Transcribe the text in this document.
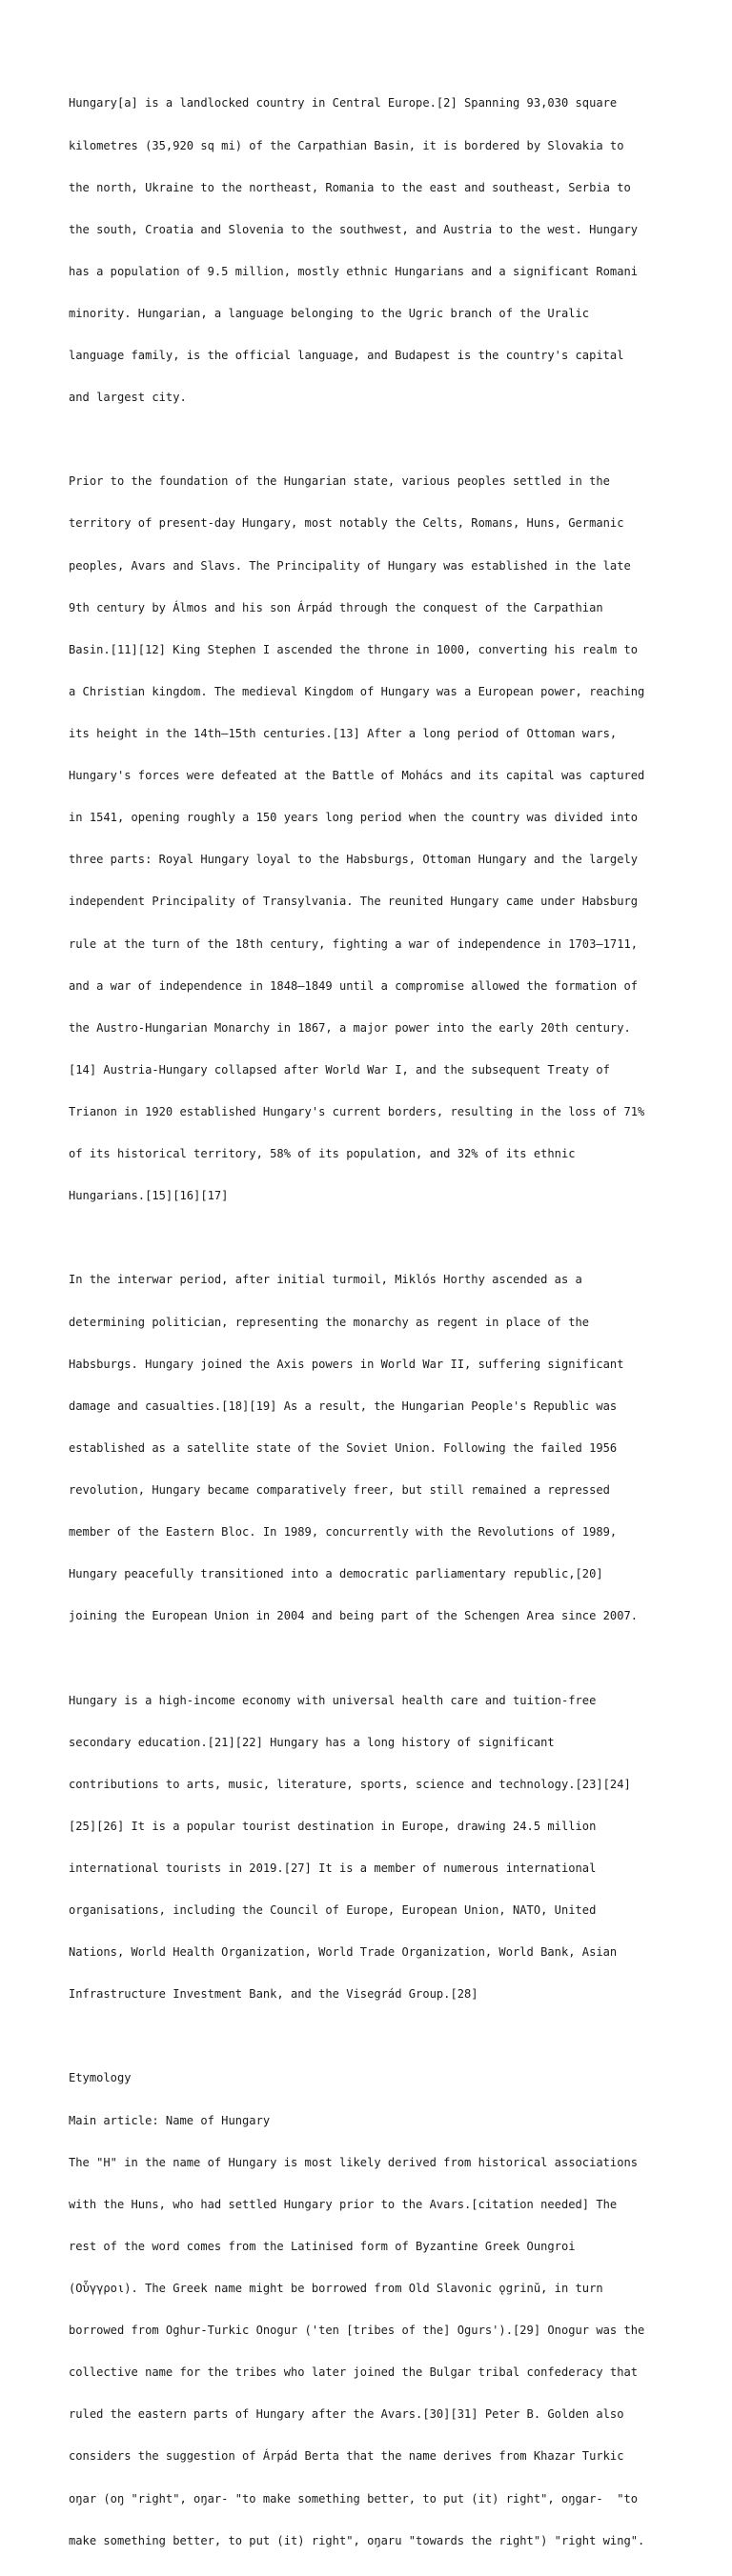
Hungary[a] is a landlocked country in Central Europe.[2] Spanning 93,030 square

kilometres (35,920 sq mi) of the Carpathian Basin, it is bordered by Slovakia to

the north, Ukraine to the northeast, Romania to the east and southeast, Serbia to

the south, Croatia and Slovenia to the southwest, and Austria to the west. Hungary

has a population of 9.5 million, mostly ethnic Hungarians and a significant Romani

minority. Hungarian, a language belonging to the Ugric branch of the Uralic

language family, is the official language, and Budapest is the country's capital

and largest city.

Prior to the foundation of the Hungarian state, various peoples settled in the

territory of present-day Hungary, most notably the Celts, Romans, Huns, Germanic

peoples, Avars and Slavs. The Principality of Hungary was established in the late

9th century by Álmos and his son Árpád through the conquest of the Carpathian

Basin.[11][12] King Stephen I ascended the throne in 1000, converting his realm to

a Christian kingdom. The medieval Kingdom of Hungary was a European power, reaching

its height in the 14th–15th centuries.[13] After a long period of Ottoman wars,

Hungary's forces were defeated at the Battle of Mohács and its capital was captured

in 1541, opening roughly a 150 years long period when the country was divided into

three parts: Royal Hungary loyal to the Habsburgs, Ottoman Hungary and the largely

independent Principality of Transylvania. The reunited Hungary came under Habsburg

rule at the turn of the 18th century, fighting a war of independence in 1703–1711,

and a war of independence in 1848–1849 until a compromise allowed the formation of

the Austro-Hungarian Monarchy in 1867, a major power into the early 20th century.

[14] Austria-Hungary collapsed after World War I, and the subsequent Treaty of

Trianon in 1920 established Hungary's current borders, resulting in the loss of 71%

of its historical territory, 58% of its population, and 32% of its ethnic

Hungarians.[15][16][17]

In the interwar period, after initial turmoil, Miklós Horthy ascended as a

determining politician, representing the monarchy as regent in place of the

Habsburgs. Hungary joined the Axis powers in World War II, suffering significant

damage and casualties.[18][19] As a result, the Hungarian People's Republic was

established as a satellite state of the Soviet Union. Following the failed 1956

revolution, Hungary became comparatively freer, but still remained a repressed

member of the Eastern Bloc. In 1989, concurrently with the Revolutions of 1989,

Hungary peacefully transitioned into a democratic parliamentary republic,[20]

joining the European Union in 2004 and being part of the Schengen Area since 2007.

Hungary is a high-income economy with universal health care and tuition-free

secondary education.[21][22] Hungary has a long history of significant

contributions to arts, music, literature, sports, science and technology.[23][24]

[25][26] It is a popular tourist destination in Europe, drawing 24.5 million

international tourists in 2019.[27] It is a member of numerous international

organisations, including the Council of Europe, European Union, NATO, United

Nations, World Health Organization, World Trade Organization, World Bank, Asian

Infrastructure Investment Bank, and the Visegrád Group.[28]

Etymology

Main article: Name of Hungary

The "H" in the name of Hungary is most likely derived from historical associations

with the Huns, who had settled Hungary prior to the Avars.[citation needed] The

rest of the word comes from the Latinised form of Byzantine Greek Oungroi

(Οὗγγροι). The Greek name might be borrowed from Old Slavonic ǫgrinŭ, in turn

borrowed from Oghur-Turkic Onogur ('ten [tribes of the] Ogurs').[29] Onogur was the

collective name for the tribes who later joined the Bulgar tribal confederacy that

ruled the eastern parts of Hungary after the Avars.[30][31] Peter B. Golden also

considers the suggestion of Árpád Berta that the name derives from Khazar Turkic

oŋar (oŋ "right", oŋar- "to make something better, to put (it) right", oŋgar-  "to

make something better, to put (it) right", oŋaru "towards the right") "right wing".
